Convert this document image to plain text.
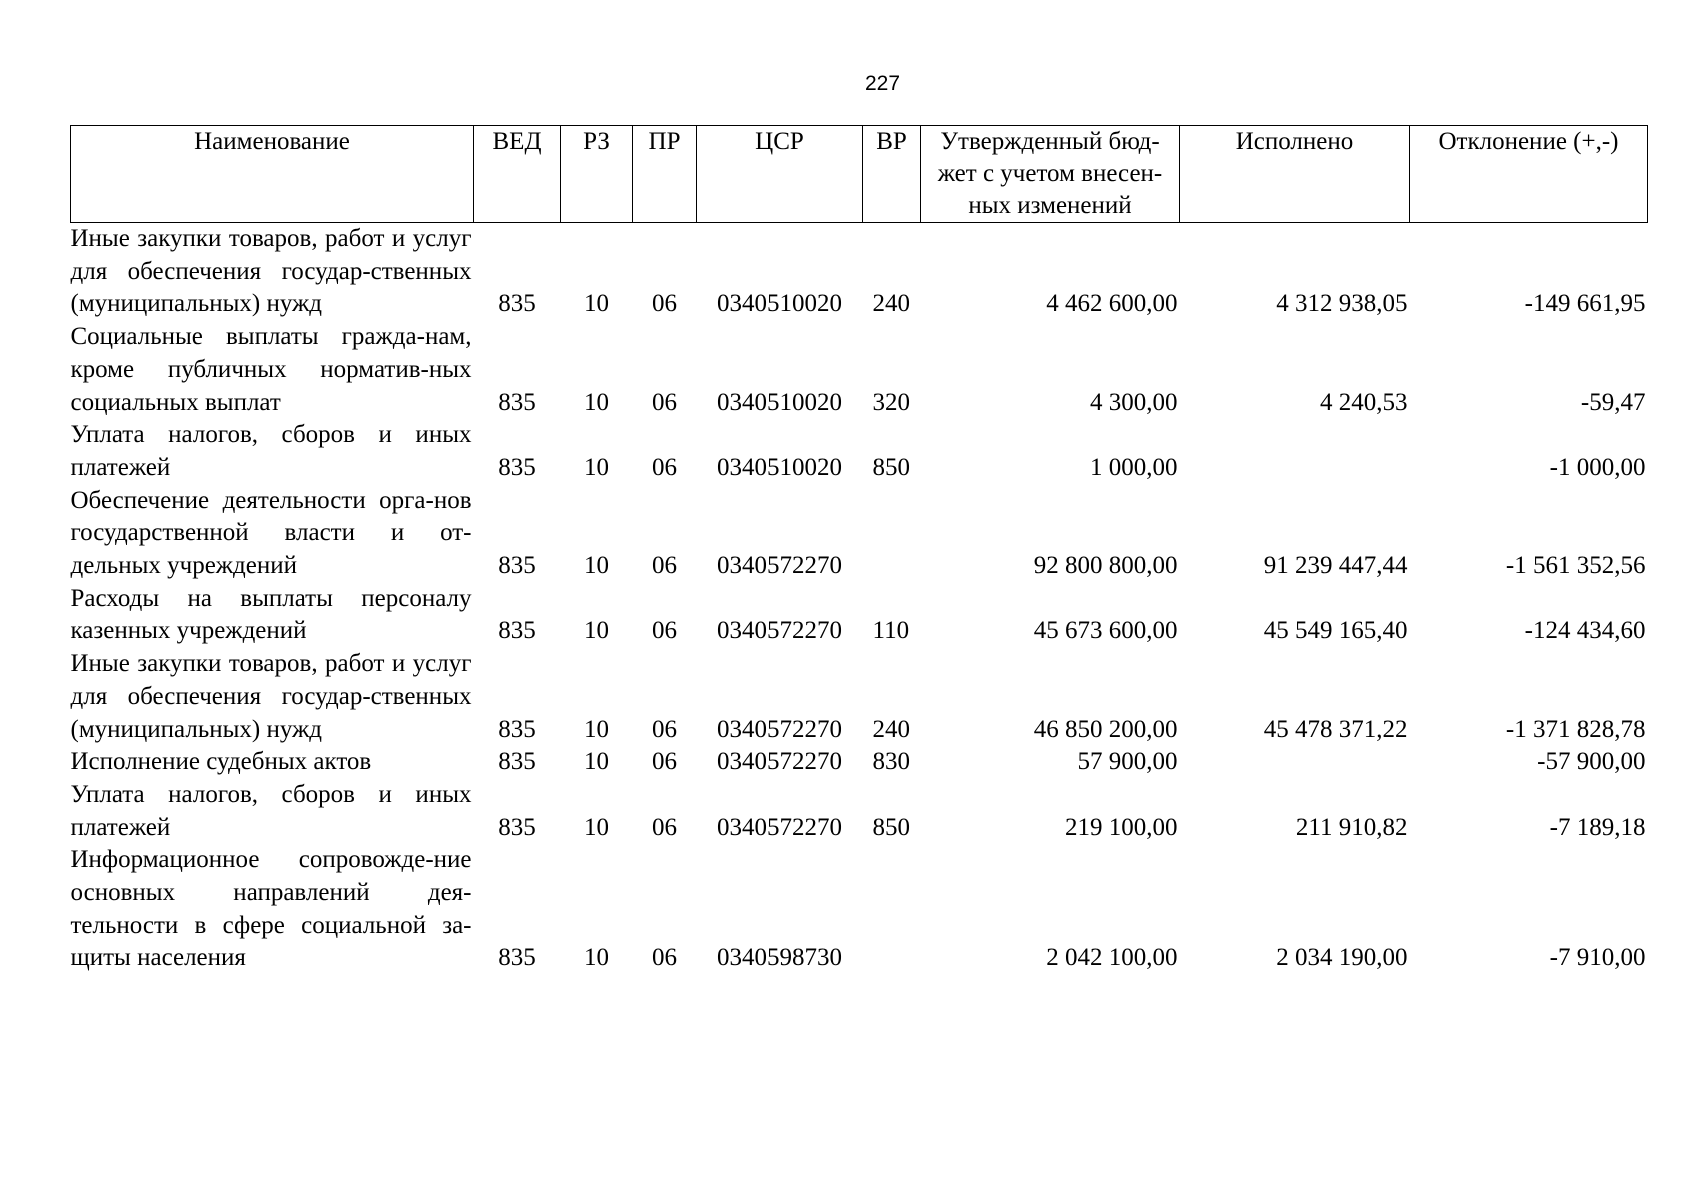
227
Наименование	ВЕД	РЗ	ПР	ЦСР	ВР	Утвержденный бюд-жет с учетом внесен-ных изменений	Исполнено	Отклонение (+,-)
Иные закупки товаров, работ и услуг для обеспечения государ-ственных (муниципальных) нужд	835	10	06	0340510020	240	4 462 600,00	4 312 938,05	-149 661,95
Социальные выплаты гражда-нам, кроме публичных норматив-ных социальных выплат	835	10	06	0340510020	320	4 300,00	4 240,53	-59,47
Уплата налогов, сборов и иных платежей	835	10	06	0340510020	850	1 000,00		-1 000,00
Обеспечение деятельности орга-нов государственной власти и от-дельных учреждений	835	10	06	0340572270		92 800 800,00	91 239 447,44	-1 561 352,56
Расходы на выплаты персоналу казенных учреждений	835	10	06	0340572270	110	45 673 600,00	45 549 165,40	-124 434,60
Иные закупки товаров, работ и услуг для обеспечения государ-ственных (муниципальных) нужд	835	10	06	0340572270	240	46 850 200,00	45 478 371,22	-1 371 828,78
Исполнение судебных актов	835	10	06	0340572270	830	57 900,00		-57 900,00
Уплата налогов, сборов и иных платежей	835	10	06	0340572270	850	219 100,00	211 910,82	-7 189,18
Информационное сопровожде-ние основных направлений дея-тельности в сфере социальной за-щиты населения	835	10	06	0340598730		2 042 100,00	2 034 190,00	-7 910,00
